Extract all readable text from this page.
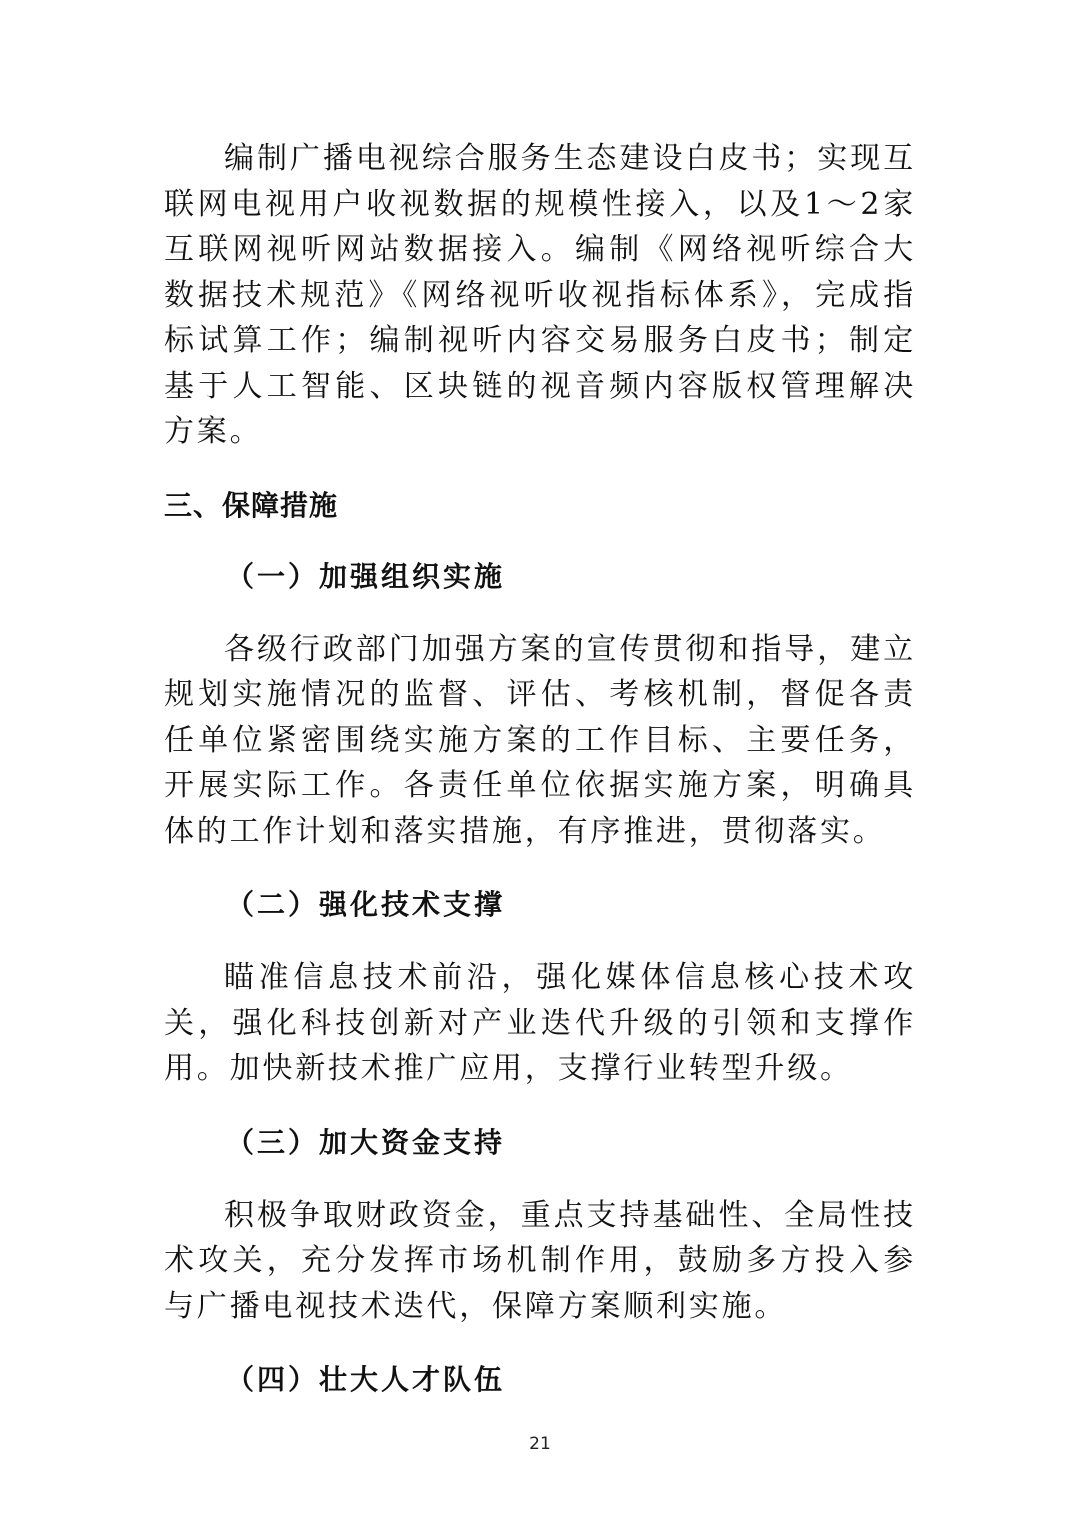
编制广播电视综合服务生态建设白皮书；实现互联网电视用户收视数据的规模性接入，以及1～2家互联网视听网站数据接入。编制《网络视听综合大数据技术规范》《网络视听收视指标体系》，完成指标试算工作；编制视听内容交易服务白皮书；制定基于人工智能、区块链的视音频内容版权管理解决方案。

三、保障措施
（一）加强组织实施

各级行政部门加强方案的宣传贯彻和指导，建立规划实施情况的监督、评估、考核机制，督促各责任单位紧密围绕实施方案的工作目标、主要任务，开展实际工作。各责任单位依据实施方案，明确具体的工作计划和落实措施，有序推进，贯彻落实。

（二）强化技术支撑

瞄准信息技术前沿，强化媒体信息核心技术攻关，强化科技创新对产业迭代升级的引领和支撑作用。加快新技术推广应用，支撑行业转型升级。

（三）加大资金支持

积极争取财政资金，重点支持基础性、全局性技术攻关，充分发挥市场机制作用，鼓励多方投入参与广播电视技术迭代，保障方案顺利实施。

（四）壮大人才队伍
21
